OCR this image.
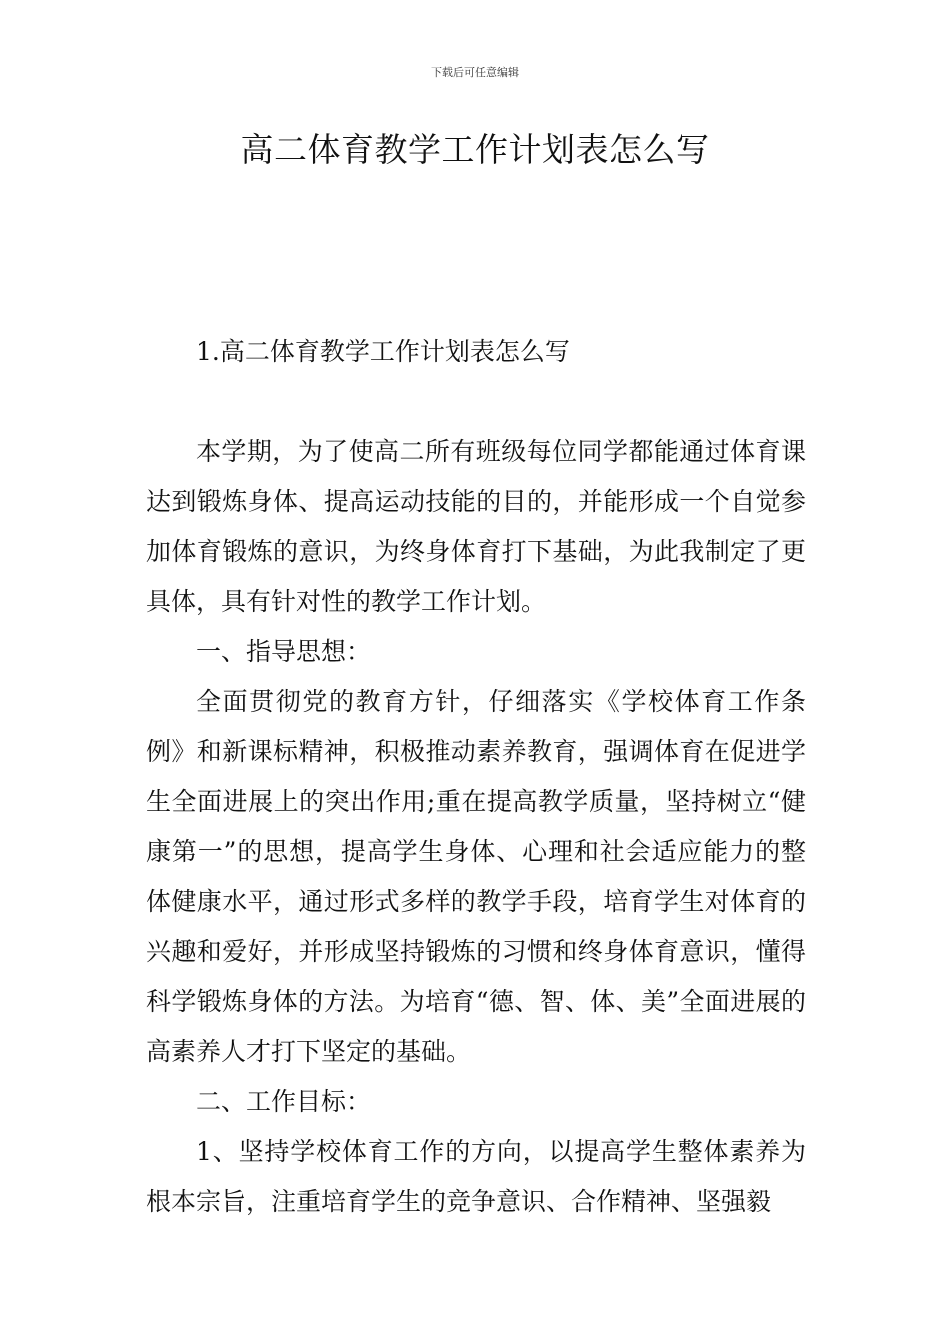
下载后可任意编辑
高二体育教学工作计划表怎么写

1.高二体育教学工作计划表怎么写

本学期，为了使高二所有班级每位同学都能通过体育课达到锻炼身体、提高运动技能的目的，并能形成一个自觉参加体育锻炼的意识，为终身体育打下基础，为此我制定了更具体，具有针对性的教学工作计划。

一、指导思想：

全面贯彻党的教育方针，仔细落实《学校体育工作条例》和新课标精神，积极推动素养教育，强调体育在促进学生全面进展上的突出作用;重在提高教学质量，坚持树立“健康第一”的思想，提高学生身体、心理和社会适应能力的整体健康水平，通过形式多样的教学手段，培育学生对体育的兴趣和爱好，并形成坚持锻炼的习惯和终身体育意识，懂得科学锻炼身体的方法。为培育“德、智、体、美”全面进展的高素养人才打下坚定的基础。

二、工作目标：

1、坚持学校体育工作的方向，以提高学生整体素养为根本宗旨，注重培育学生的竞争意识、合作精神、坚强毅
